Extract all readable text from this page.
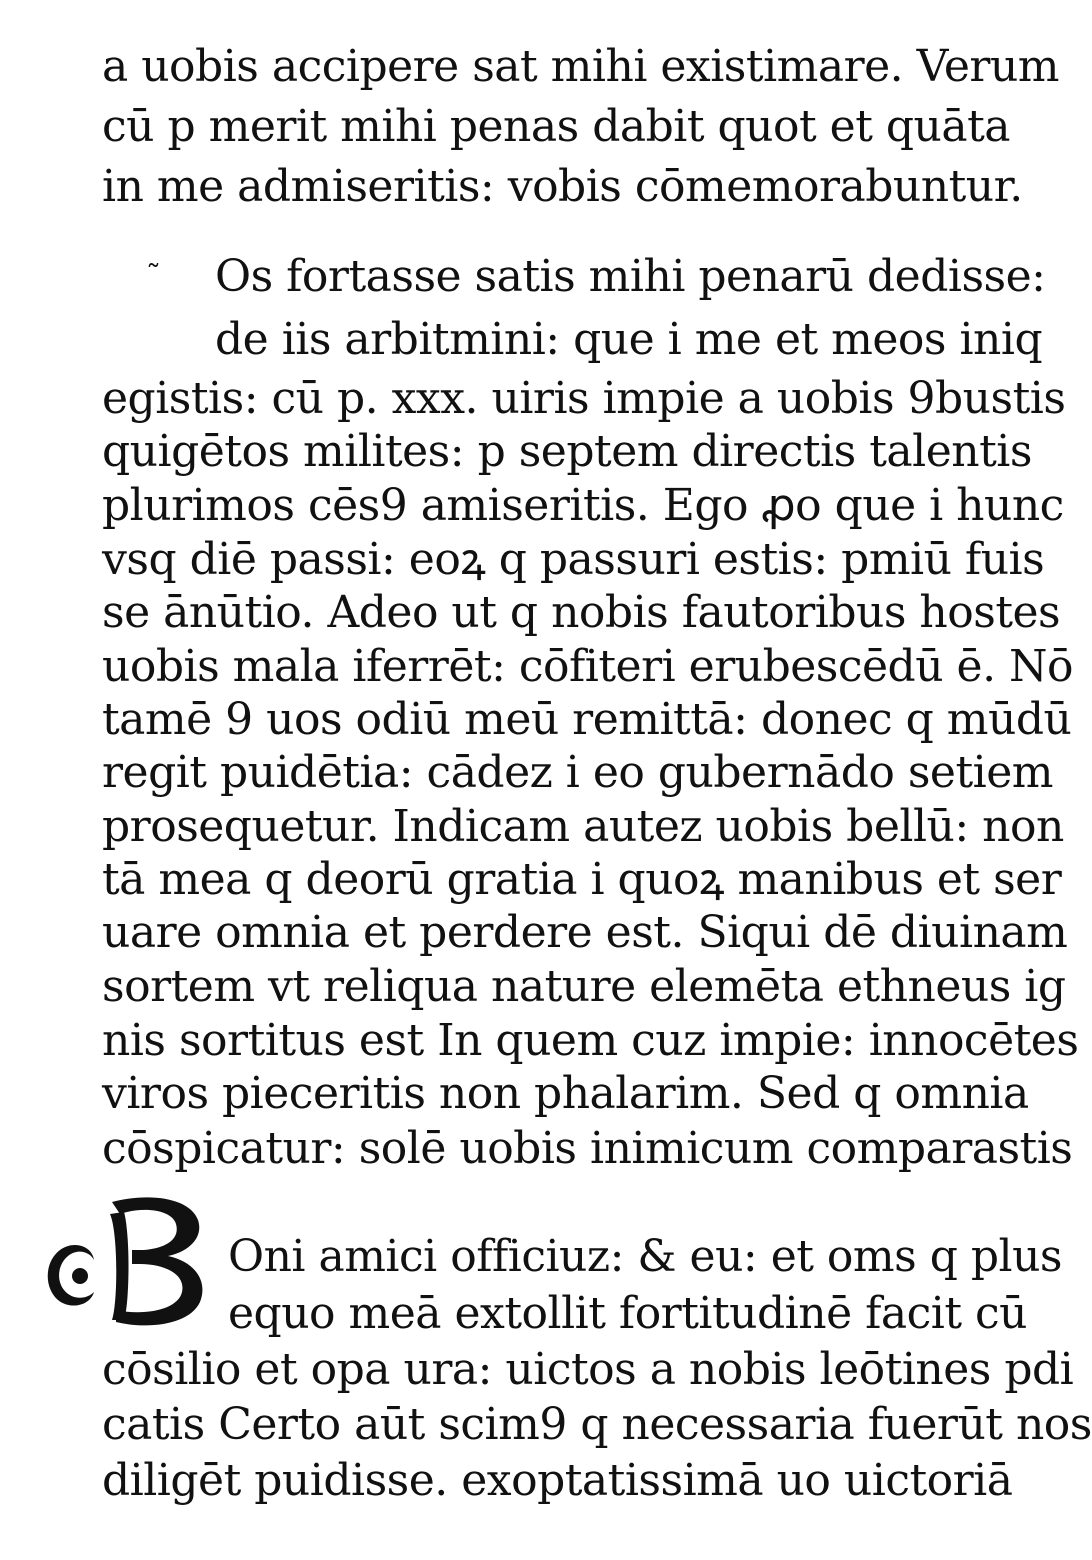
a uobis accipere sat mihi existimare. Verum
cū p merit mihi penas dabit quot et quāta
in me admiseritis: vobis cōmemorabuntur.
˜ Os fortasse satis mihi penarū dedisse:
de iis arbitmini: que i me et meos iniq
egistis: cū p. xxx. uiris impie a uobis 9bustis
quigētos milites: p septem directis talentis
plurimos cēs9 amiseritis. Ego ꝓo que i hunc
vsq diē passi: eoꝝ q passuri estis: pmiū fuis
se ānūtio. Adeo ut q nobis fautoribus hostes
uobis mala iferrēt: cōfiteri erubescēdū ē. Nō
tamē 9 uos odiū meū remittā: donec q mūdū
regit puidētia: cādez i eo gubernādo setiem
prosequetur. Indicam autez uobis bellū: non
tā mea q deorū gratia i quoꝝ manibus et ser
uare omnia et perdere est. Siqui dē diuinam
sortem vt reliqua nature elemēta ethneus ig
nis sortitus est In quem cuz impie: innocētes
viros pieceritis non phalarim. Sed q omnia
cōspicatur: solē uobis inimicum comparastis
Oni amici officiuz: & eu: et oms q plus
equo meā extollit fortitudinē facit cū
cōsilio et opa ura: uictos a nobis leōtines pdi
catis Certo aūt scim9 q necessaria fuerūt nos
diligēt puidisse. exoptatissimā uo uictoriā
